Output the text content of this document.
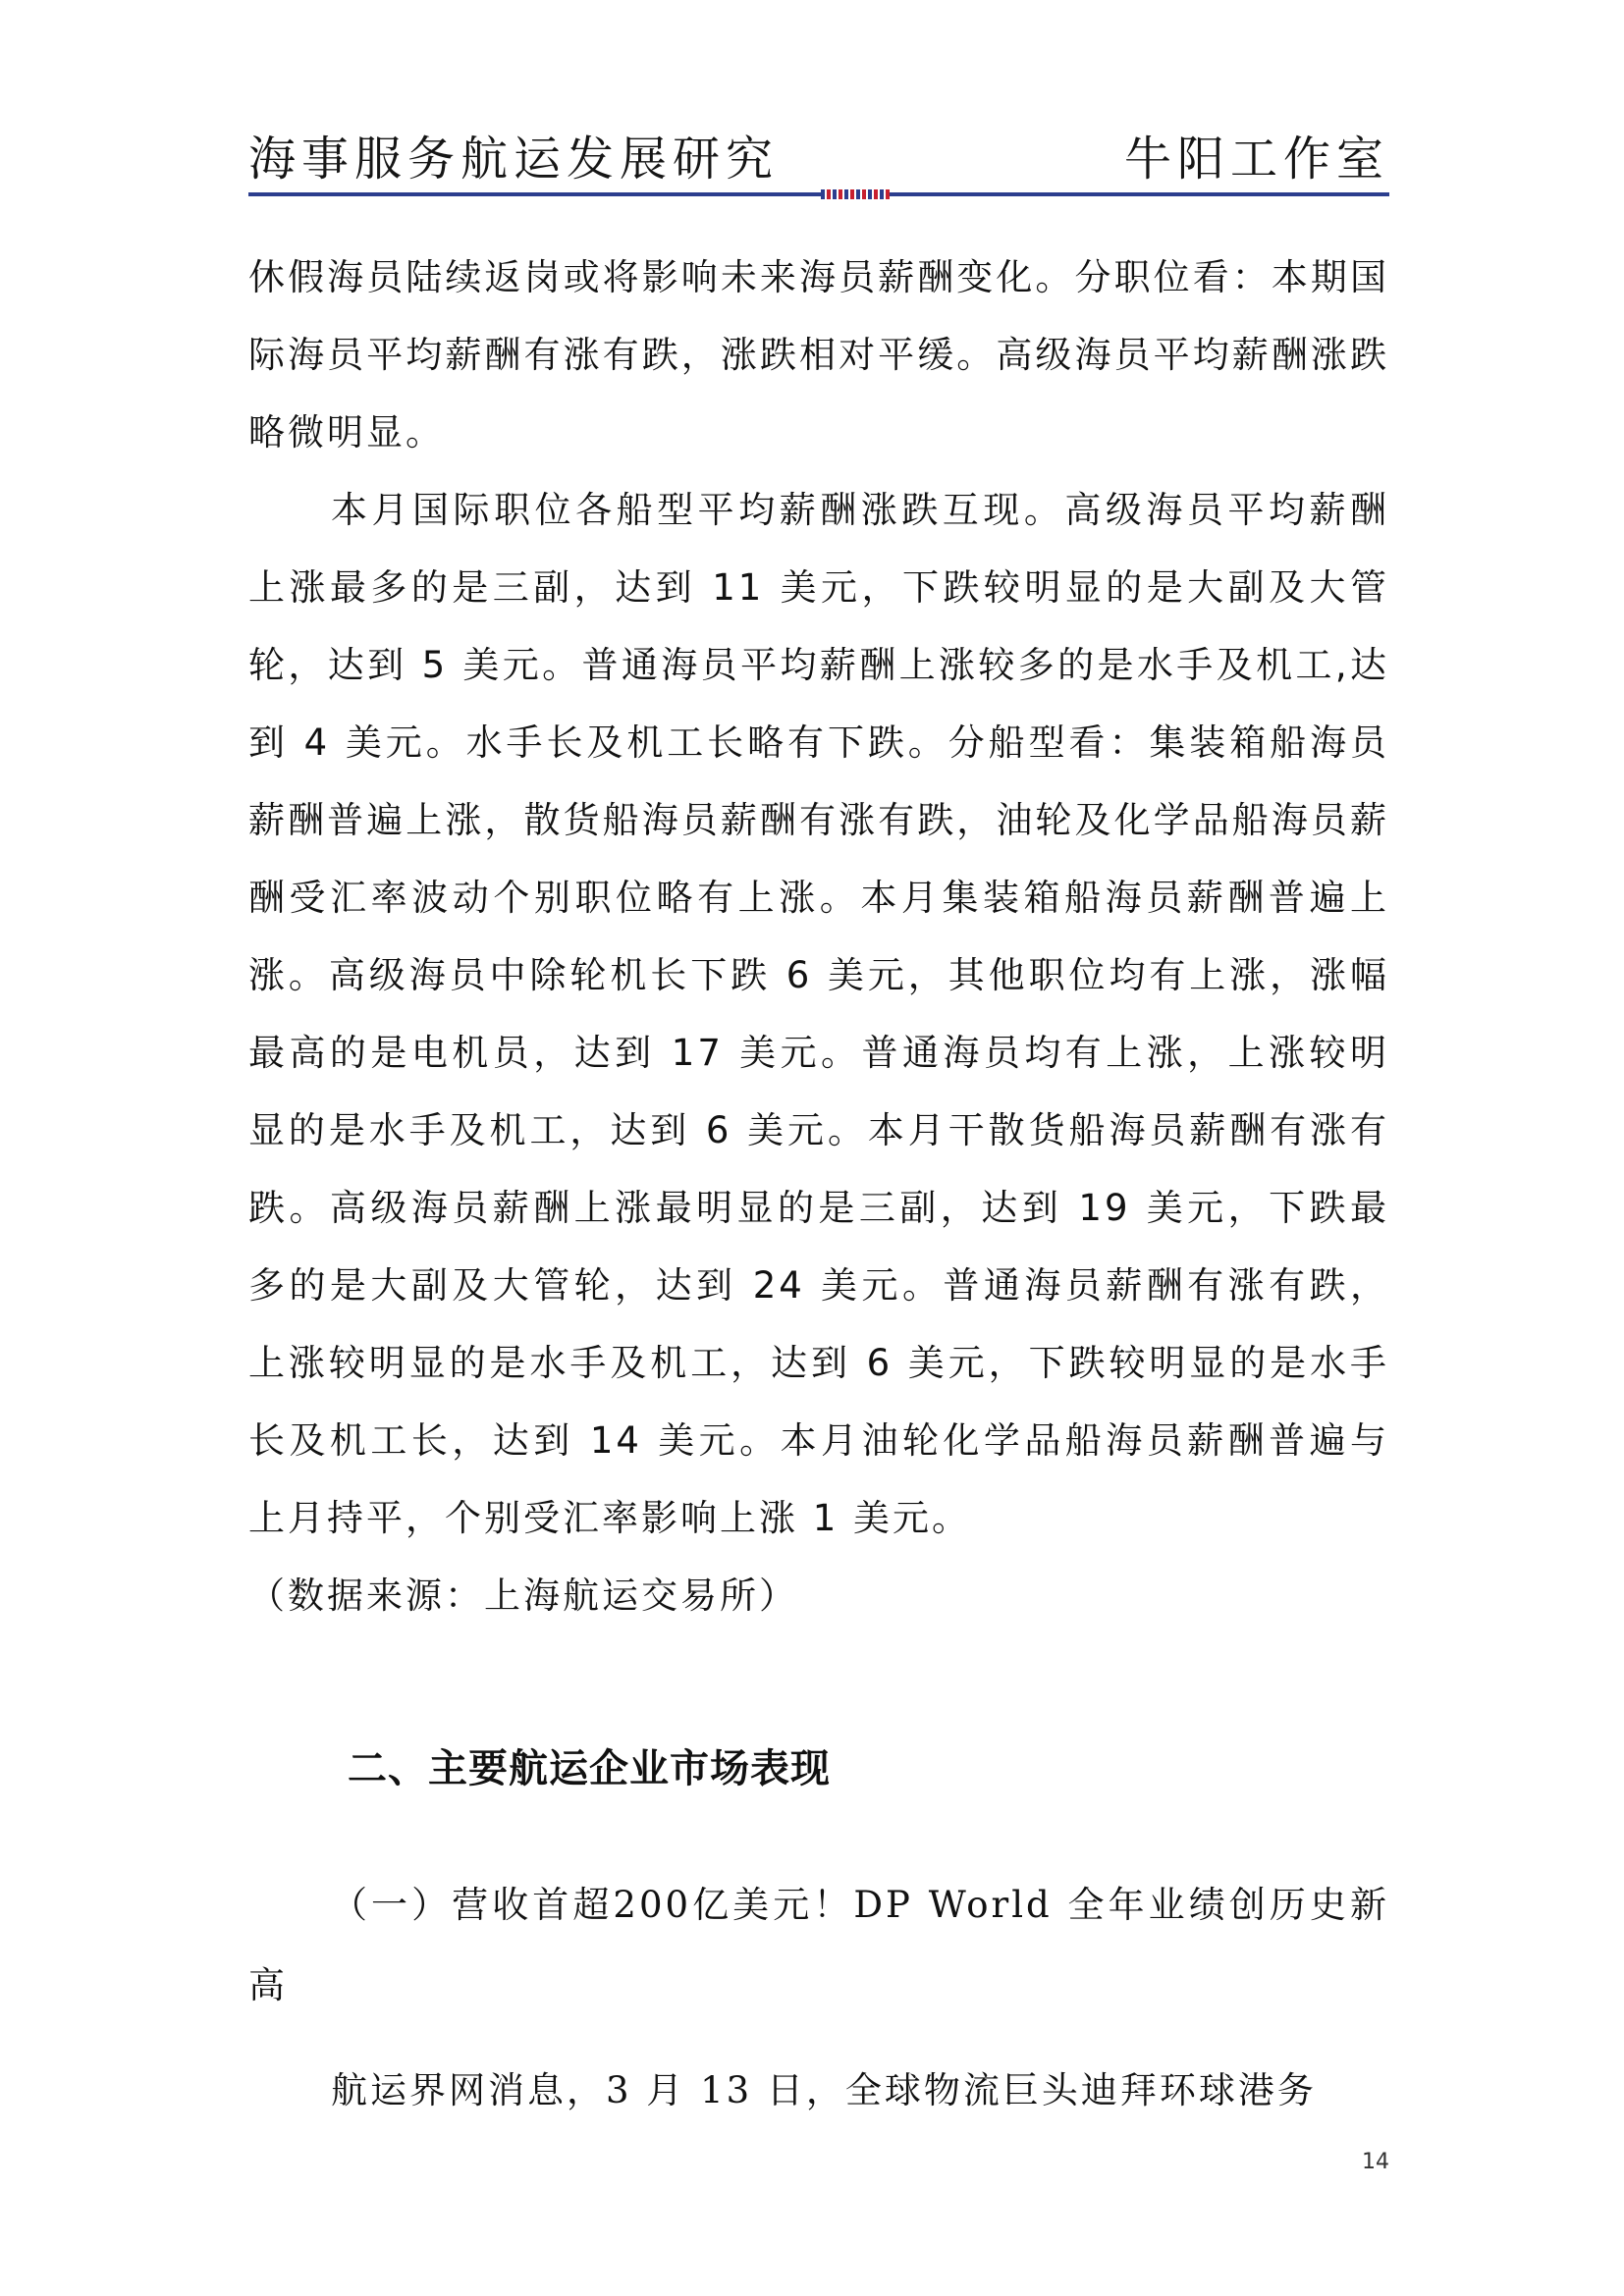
海事服务航运发展研究	牛阳工作室

休假海员陆续返岗或将影响未来海员薪酬变化。分职位看：本期国际海员平均薪酬有涨有跌，涨跌相对平缓。高级海员平均薪酬涨跌略微明显。

本月国际职位各船型平均薪酬涨跌互现。高级海员平均薪酬上涨最多的是三副，达到 11 美元，下跌较明显的是大副及大管轮，达到 5 美元。普通海员平均薪酬上涨较多的是水手及机工,达到 4 美元。水手长及机工长略有下跌。分船型看：集装箱船海员薪酬普遍上涨，散货船海员薪酬有涨有跌，油轮及化学品船海员薪酬受汇率波动个别职位略有上涨。本月集装箱船海员薪酬普遍上涨。高级海员中除轮机长下跌 6 美元，其他职位均有上涨，涨幅最高的是电机员，达到 17 美元。普通海员均有上涨，上涨较明显的是水手及机工，达到 6 美元。本月干散货船海员薪酬有涨有跌。高级海员薪酬上涨最明显的是三副，达到 19 美元，下跌最多的是大副及大管轮，达到 24 美元。普通海员薪酬有涨有跌，上涨较明显的是水手及机工，达到 6 美元，下跌较明显的是水手长及机工长，达到 14 美元。本月油轮化学品船海员薪酬普遍与上月持平，个别受汇率影响上涨 1 美元。

（数据来源：上海航运交易所）

二、主要航运企业市场表现

（一）营收首超200亿美元！DP World 全年业绩创历史新高

航运界网消息，3 月 13 日，全球物流巨头迪拜环球港务

14
